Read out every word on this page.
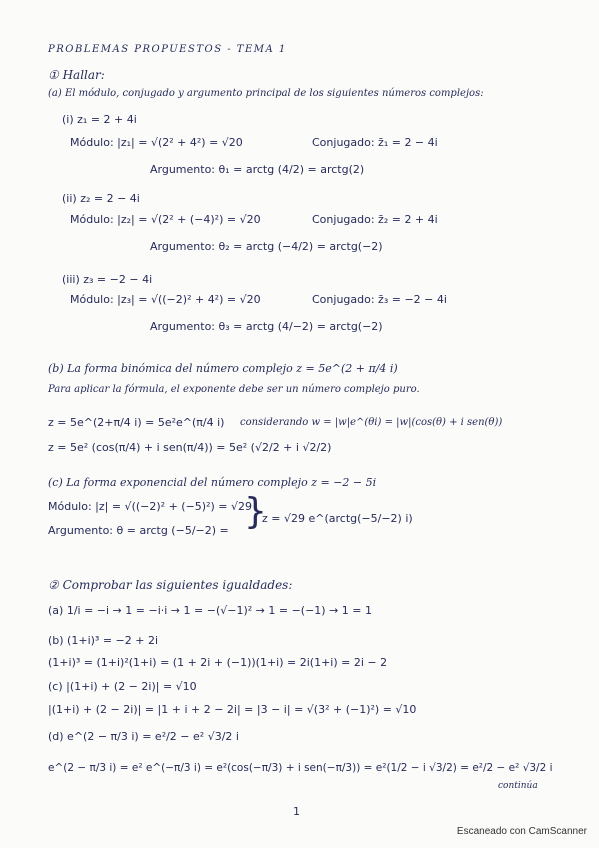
PROBLEMAS PROPUESTOS - TEMA 1
① Hallar:
(a) El módulo, conjugado y argumento principal de los siguientes números complejos:
(i) z₁ = 2 + 4i
Módulo: |z₁| = √(2² + 4²) = √20	Conjugado: z̄₁ = 2 − 4i
Argumento: θ₁ = arctg (4/2) = arctg(2)
(ii) z₂ = 2 − 4i
Módulo: |z₂| = √(2² + (−4)²) = √20	Conjugado: z̄₂ = 2 + 4i
Argumento: θ₂ = arctg (−4/2) = arctg(−2)
(iii) z₃ = −2 − 4i
Módulo: |z₃| = √((−2)² + 4²) = √20	Conjugado: z̄₃ = −2 − 4i
Argumento: θ₃ = arctg (4/−2) = arctg(−2)
(b) La forma binómica del número complejo z = 5e^(2 + π/4 i)
Para aplicar la fórmula, el exponente debe ser un número complejo puro.
z = 5e^(2+π/4 i) = 5e²e^(π/4 i) considerando w = |w|e^(θi) = |w|(cos(θ) + i sen(θ))
z = 5e² (cos(π/4) + i sen(π/4)) = 5e² (√2/2 + i √2/2)
(c) La forma exponencial del número complejo z = −2 − 5i
Módulo: |z| = √((−2)² + (−5)²) = √29
Argumento: θ = arctg (−5/−2) = }
z = √29 e^(arctg(−5/−2) i)
② Comprobar las siguientes igualdades:
(a) 1/i = −i → 1 = −i·i → 1 = −(√−1)² → 1 = −(−1) → 1 = 1
(b) (1+i)³ = −2 + 2i
(1+i)³ = (1+i)²(1+i) = (1 + 2i + (−1))(1+i) = 2i(1+i) = 2i − 2
(c) |(1+i) + (2 − 2i)| = √10
|(1+i) + (2 − 2i)| = |1 + i + 2 − 2i| = |3 − i| = √(3² + (−1)²) = √10
(d) e^(2 − π/3 i) = e²/2 − e² √3/2 i
e^(2 − π/3 i) = e² e^(−π/3 i) = e²(cos(−π/3) + i sen(−π/3)) = e²(1/2 − i √3/2) = e²/2 − e² √3/2 i
continúa
1
Escaneado con CamScanner
